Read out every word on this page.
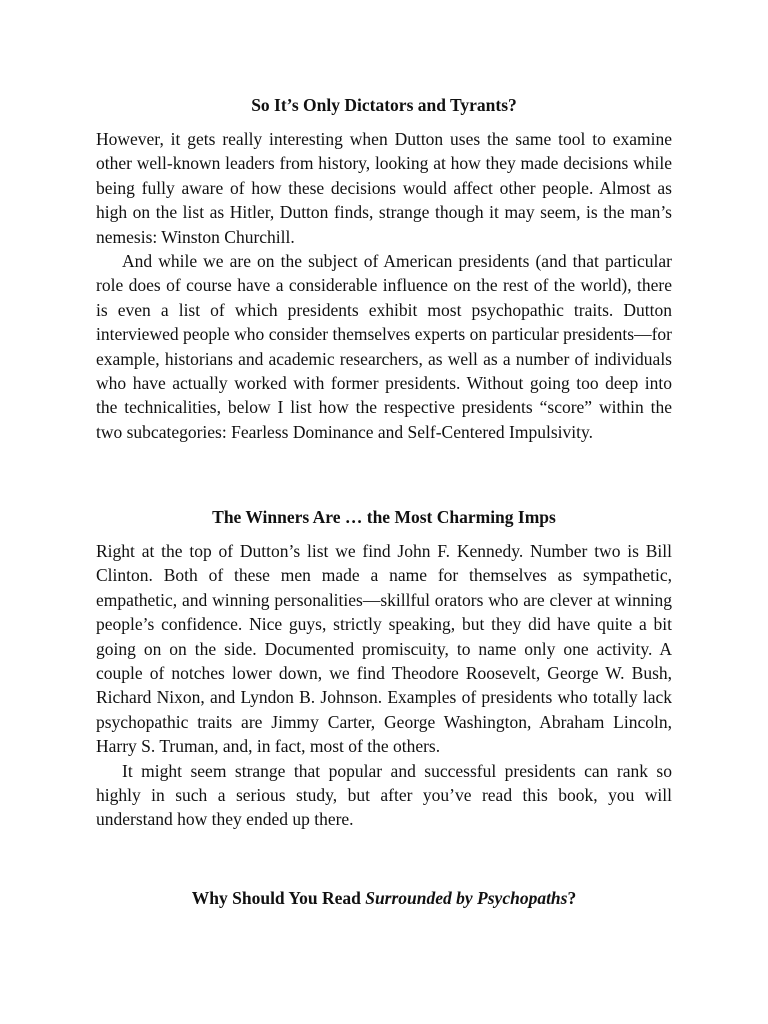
So It’s Only Dictators and Tyrants?

However, it gets really interesting when Dutton uses the same tool to examine other well-known leaders from history, looking at how they made decisions while being fully aware of how these decisions would affect other people. Almost as high on the list as Hitler, Dutton finds, strange though it may seem, is the man’s nemesis: Winston Churchill.

And while we are on the subject of American presidents (and that particular role does of course have a considerable influence on the rest of the world), there is even a list of which presidents exhibit most psychopathic traits. Dutton interviewed people who consider themselves experts on particular presidents—for example, historians and academic researchers, as well as a number of individuals who have actually worked with former presidents. Without going too deep into the technicalities, below I list how the respective presidents “score” within the two subcategories: Fearless Dominance and Self-Centered Impulsivity.

The Winners Are … the Most Charming Imps

Right at the top of Dutton’s list we find John F. Kennedy. Number two is Bill Clinton. Both of these men made a name for themselves as sympathetic, empathetic, and winning personalities—skillful orators who are clever at winning people’s confidence. Nice guys, strictly speaking, but they did have quite a bit going on on the side. Documented promiscuity, to name only one activity. A couple of notches lower down, we find Theodore Roosevelt, George W. Bush, Richard Nixon, and Lyndon B. Johnson. Examples of presidents who totally lack psychopathic traits are Jimmy Carter, George Washington, Abraham Lincoln, Harry S. Truman, and, in fact, most of the others.

It might seem strange that popular and successful presidents can rank so highly in such a serious study, but after you’ve read this book, you will understand how they ended up there.

Why Should You Read Surrounded by Psychopaths?
